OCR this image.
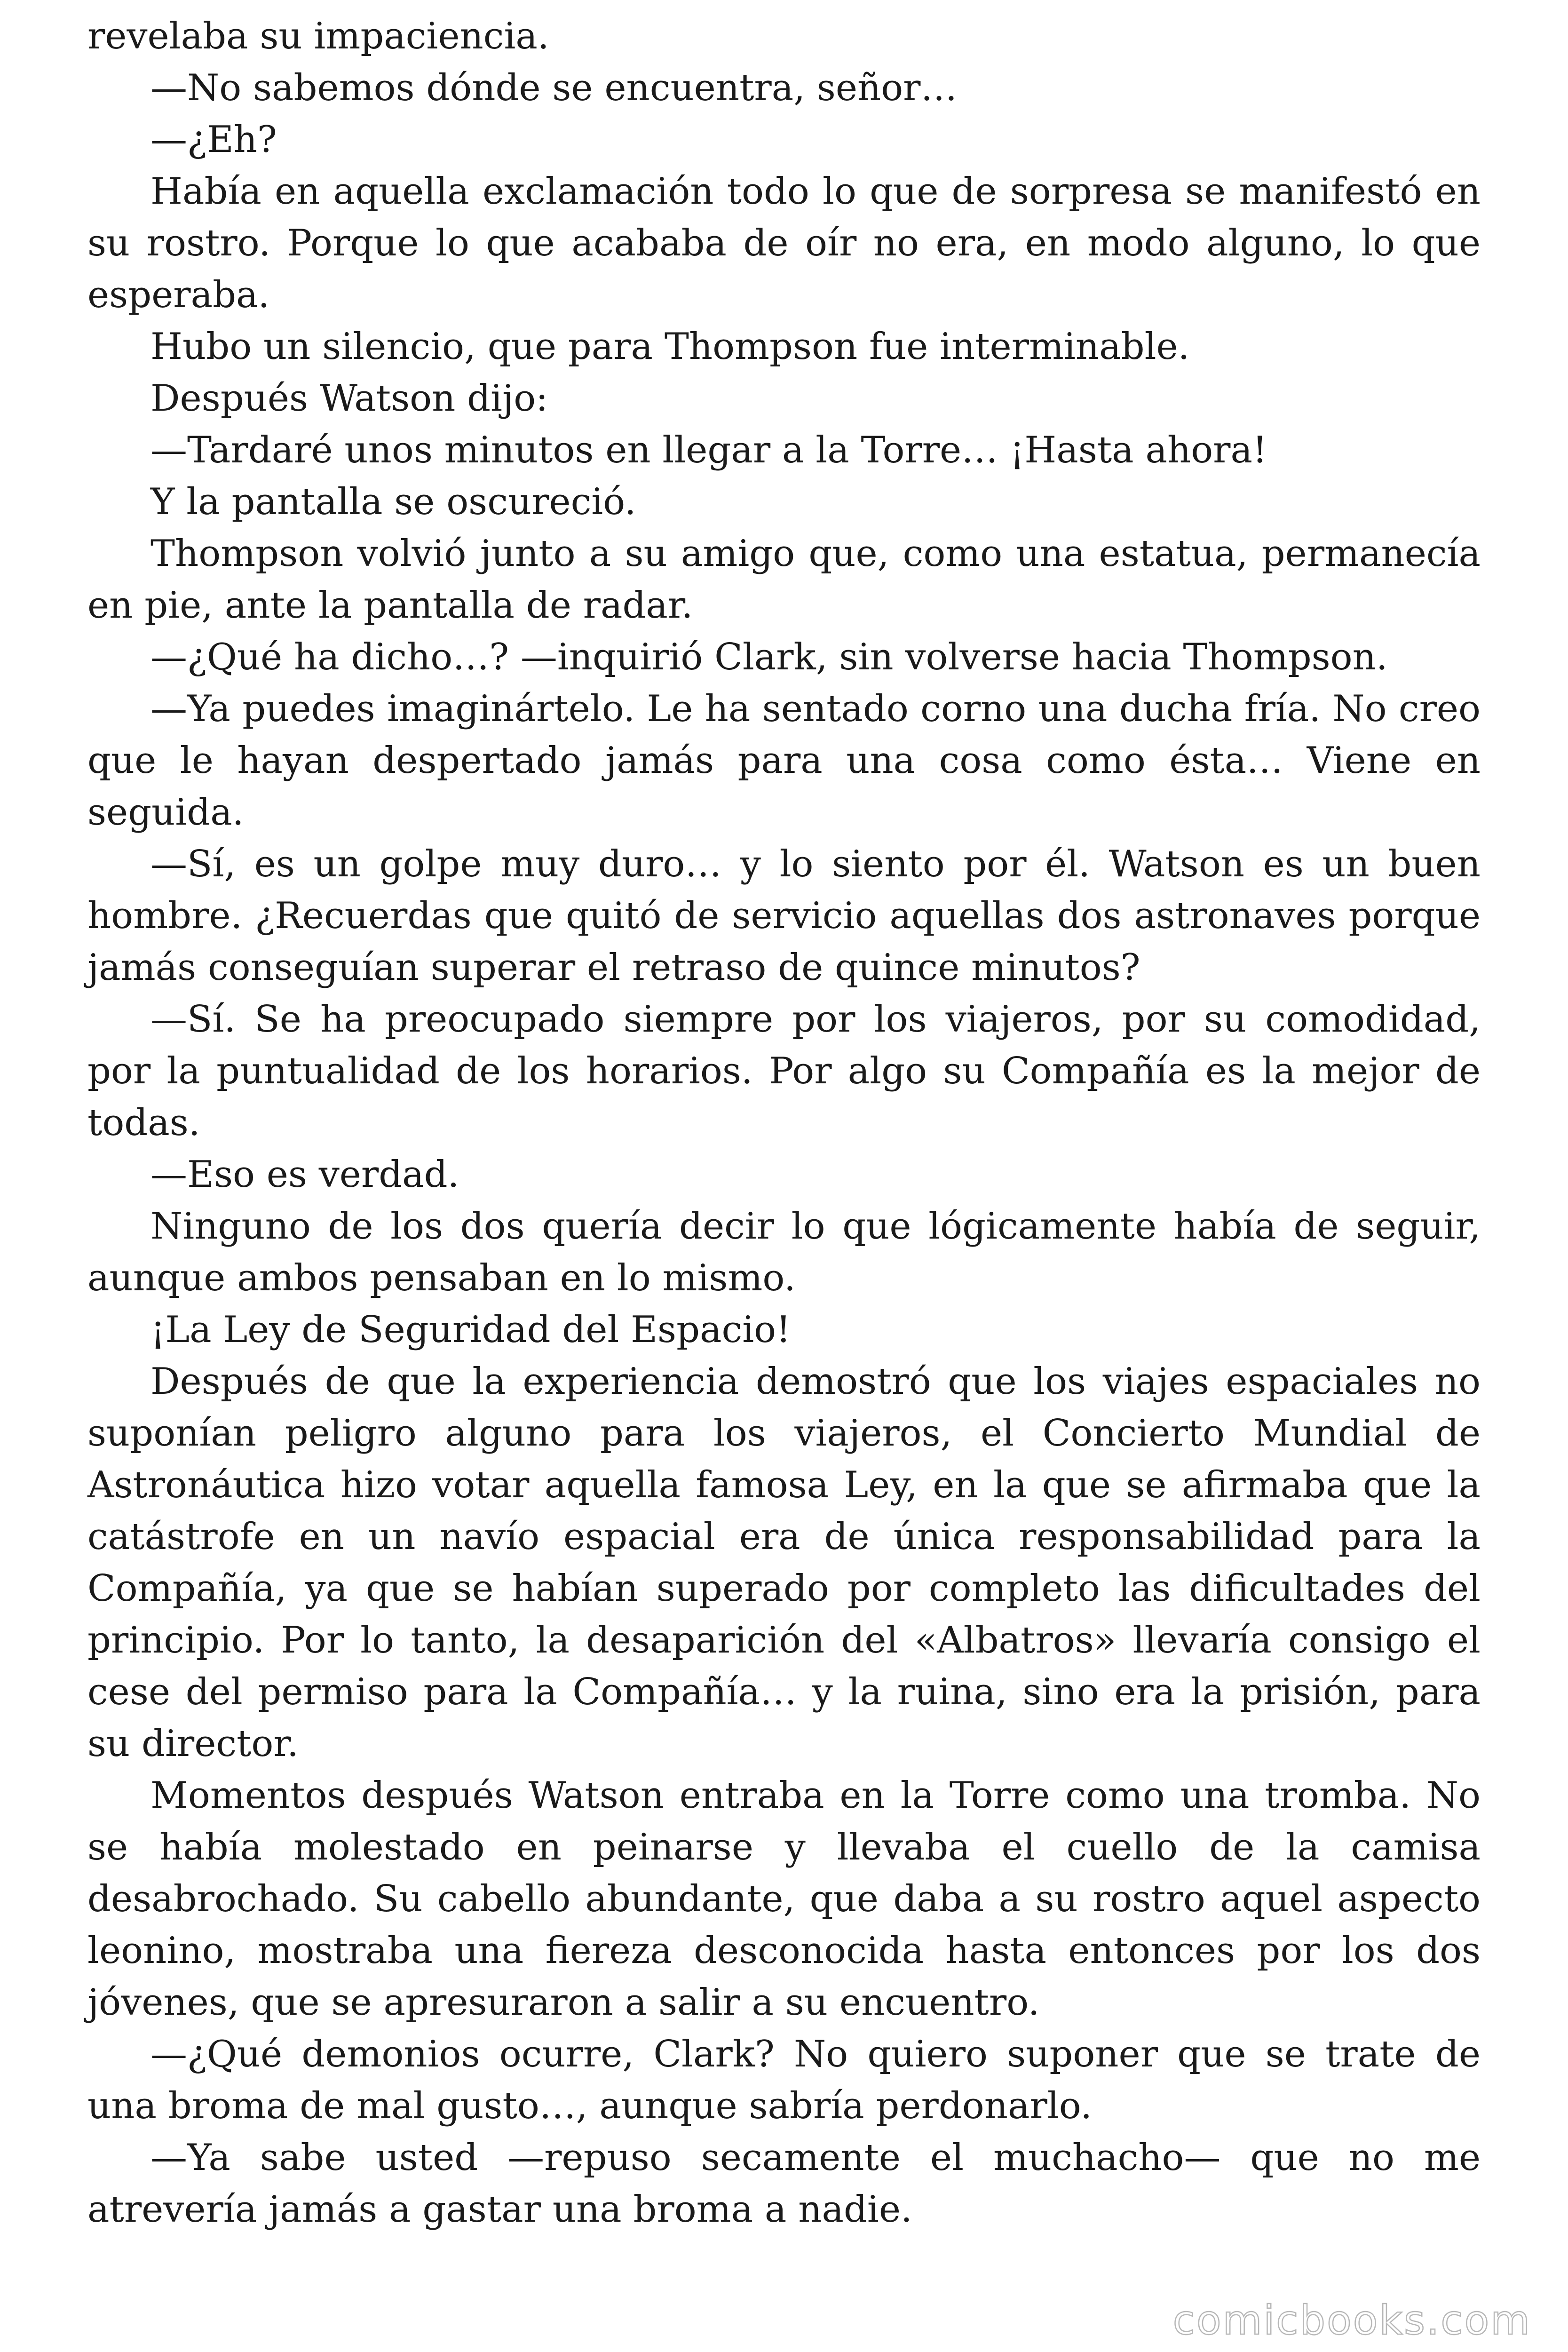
revelaba su impaciencia.

—No sabemos dónde se encuentra, señor…

—¿Eh?

Había en aquella exclamación todo lo que de sorpresa se manifestó en su rostro. Porque lo que acababa de oír no era, en modo alguno, lo que esperaba.

Hubo un silencio, que para Thompson fue interminable.

Después Watson dijo:

—Tardaré unos minutos en llegar a la Torre… ¡Hasta ahora!

Y la pantalla se oscureció.

Thompson volvió junto a su amigo que, como una estatua, permanecía en pie, ante la pantalla de radar.

—¿Qué ha dicho…? —inquirió Clark, sin volverse hacia Thompson.

—Ya puedes imaginártelo. Le ha sentado corno una ducha fría. No creo que le hayan despertado jamás para una cosa como ésta… Viene en seguida.

—Sí, es un golpe muy duro… y lo siento por él. Watson es un buen hombre. ¿Recuerdas que quitó de servicio aquellas dos astronaves porque jamás conseguían superar el retraso de quince minutos?

—Sí. Se ha preocupado siempre por los viajeros, por su comodidad, por la puntualidad de los horarios. Por algo su Compañía es la mejor de todas.

—Eso es verdad.

Ninguno de los dos quería decir lo que lógicamente había de seguir, aunque ambos pensaban en lo mismo.

¡La Ley de Seguridad del Espacio!

Después de que la experiencia demostró que los viajes espaciales no suponían peligro alguno para los viajeros, el Concierto Mundial de Astronáutica hizo votar aquella famosa Ley, en la que se afirmaba que la catástrofe en un navío espacial era de única responsabilidad para la Compañía, ya que se habían superado por completo las dificultades del principio. Por lo tanto, la desaparición del «Albatros» llevaría consigo el cese del permiso para la Compañía… y la ruina, sino era la prisión, para su director.

Momentos después Watson entraba en la Torre como una tromba. No se había molestado en peinarse y llevaba el cuello de la camisa desabrochado. Su cabello abundante, que daba a su rostro aquel aspecto leonino, mostraba una fiereza desconocida hasta entonces por los dos jóvenes, que se apresuraron a salir a su encuentro.

—¿Qué demonios ocurre, Clark? No quiero suponer que se trate de una broma de mal gusto…, aunque sabría perdonarlo.

—Ya sabe usted —repuso secamente el muchacho— que no me atrevería jamás a gastar una broma a nadie.

comicbooks.com
